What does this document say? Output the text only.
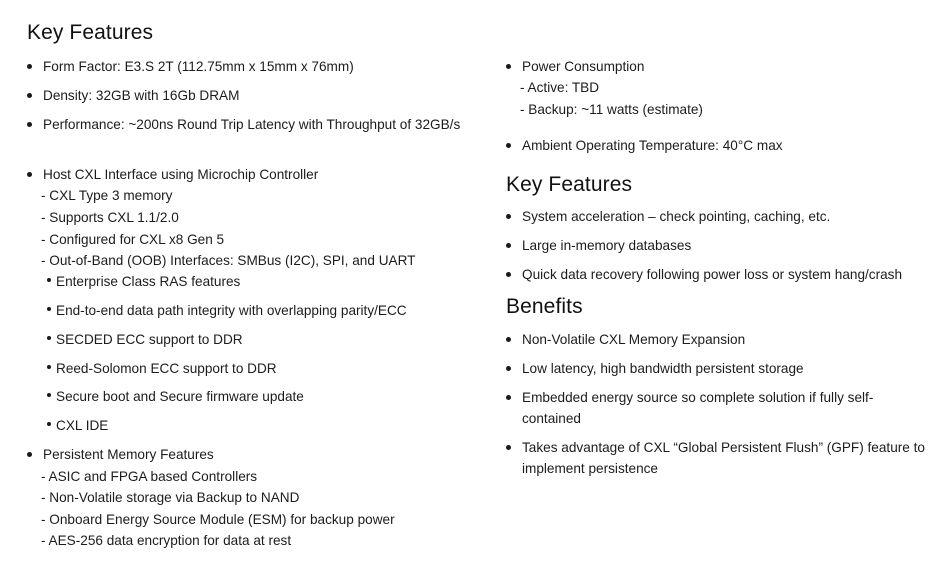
Key Features
Form Factor: E3.S 2T (112.75mm x 15mm x 76mm)
Density: 32GB with 16Gb DRAM
Performance: ~200ns Round Trip Latency with Throughput of 32GB/s
Host CXL Interface using Microchip Controller
- CXL Type 3 memory
- Supports CXL 1.1/2.0
- Configured for CXL x8 Gen 5
- Out-of-Band (OOB) Interfaces: SMBus (I2C), SPI, and UART
Enterprise Class RAS features
End-to-end data path integrity with overlapping parity/ECC
SECDED ECC support to DDR
Reed-Solomon ECC support to DDR
Secure boot and Secure firmware update
CXL IDE
Persistent Memory Features
- ASIC and FPGA based Controllers
- Non-Volatile storage via Backup to NAND
- Onboard Energy Source Module (ESM) for backup power
- AES-256 data encryption for data at rest
Power Consumption
- Active: TBD
- Backup: ~11 watts (estimate)
Ambient Operating Temperature: 40°C max
Key Features
System acceleration – check pointing, caching, etc.
Large in-memory databases
Quick data recovery following power loss or system hang/crash
Benefits
Non-Volatile CXL Memory Expansion
Low latency, high bandwidth persistent storage
Embedded energy source so complete solution if fully self-contained
Takes advantage of CXL “Global Persistent Flush” (GPF) feature to implement persistence
